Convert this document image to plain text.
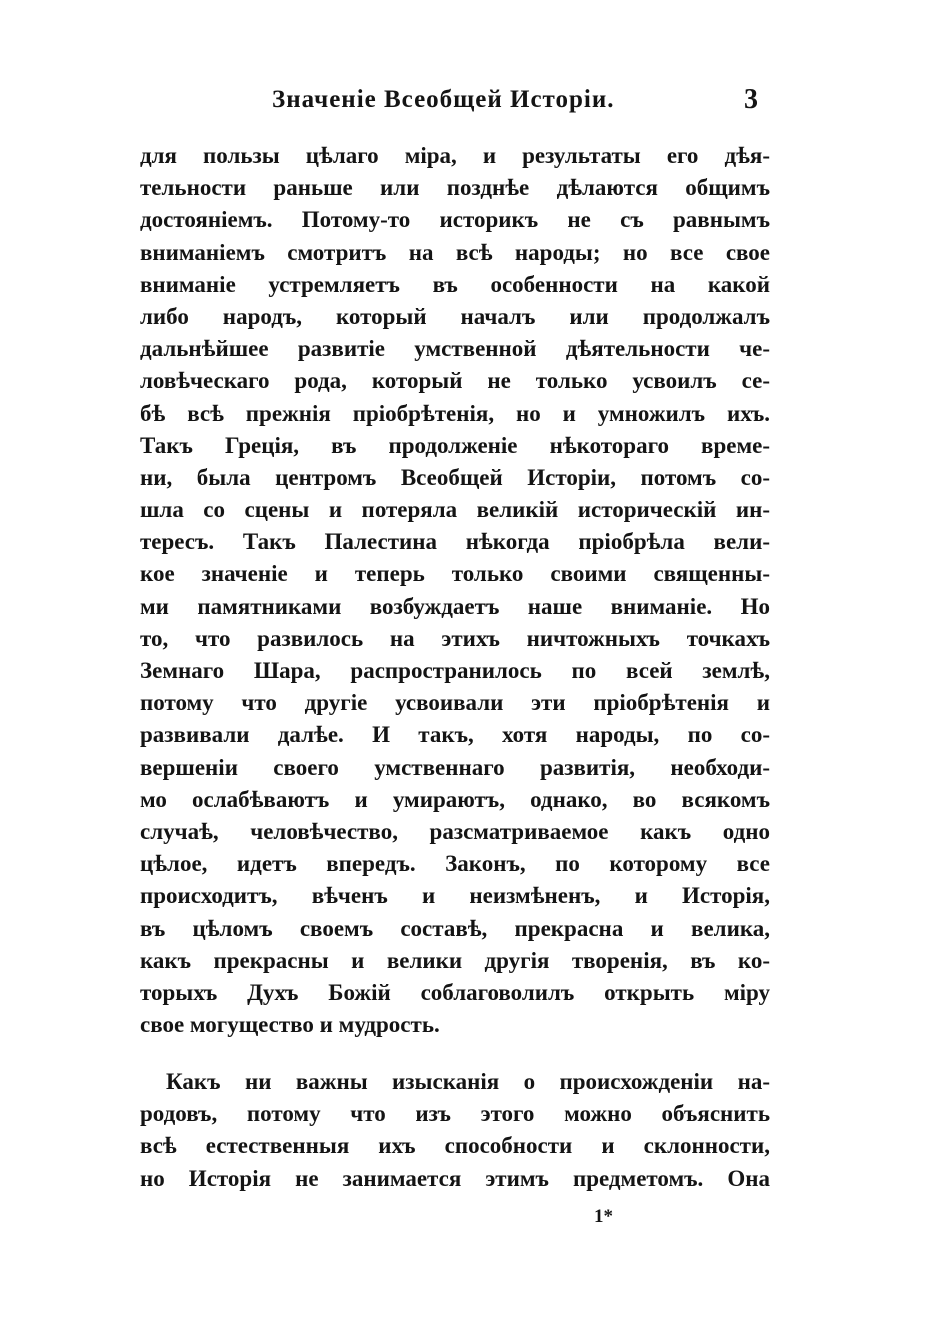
Значеніе Всеобщей Исторіи.	3
для пользы цѣлаго міра, и результаты его дѣя-
тельности раньше или позднѣе дѣлаются общимъ
достояніемъ. Потому-то историкъ не съ равнымъ
вниманіемъ смотритъ на всѣ народы; но все свое
вниманіе устремляетъ въ особенности на какой
либо народъ, который началъ или продолжалъ
дальнѣйшее развитіе умственной дѣятельности че-
ловѣческаго рода, который не только усвоилъ се-
бѣ всѣ прежнія пріобрѣтенія, но и умножилъ ихъ.
Такъ Греція, въ продолженіе нѣкотораго време-
ни, была центромъ Всеобщей Исторіи, потомъ со-
шла со сцены и потеряла великій историческій ин-
тересъ. Такъ Палестина нѣкогда пріобрѣла вели-
кое значеніе и теперь только своими священны-
ми памятниками возбуждаетъ наше вниманіе. Но
то, что развилось на этихъ ничтожныхъ точкахъ
Земнаго Шара, распространилось по всей землѣ,
потому что другіе усвоивали эти пріобрѣтенія и
развивали далѣе. И такъ, хотя народы, по со-
вершеніи своего умственнаго развитія, необходи-
мо ослабѣваютъ и умираютъ, однако, во всякомъ
случаѣ, человѣчество, разсматриваемое какъ одно
цѣлое, идетъ впередъ. Законъ, по которому все
происходитъ, вѣченъ и неизмѣненъ, и Исторія,
въ цѣломъ своемъ составѣ, прекрасна и велика,
какъ прекрасны и велики другія творенія, въ ко-
торыхъ Духъ Божій соблаговолилъ открыть міру
свое могущество и мудрость.
Какъ ни важны изысканія о происхожденіи на-
родовъ, потому что изъ этого можно объяснить
всѣ естественныя ихъ способности и склонности,
но Исторія не занимается этимъ предметомъ. Она
1*
